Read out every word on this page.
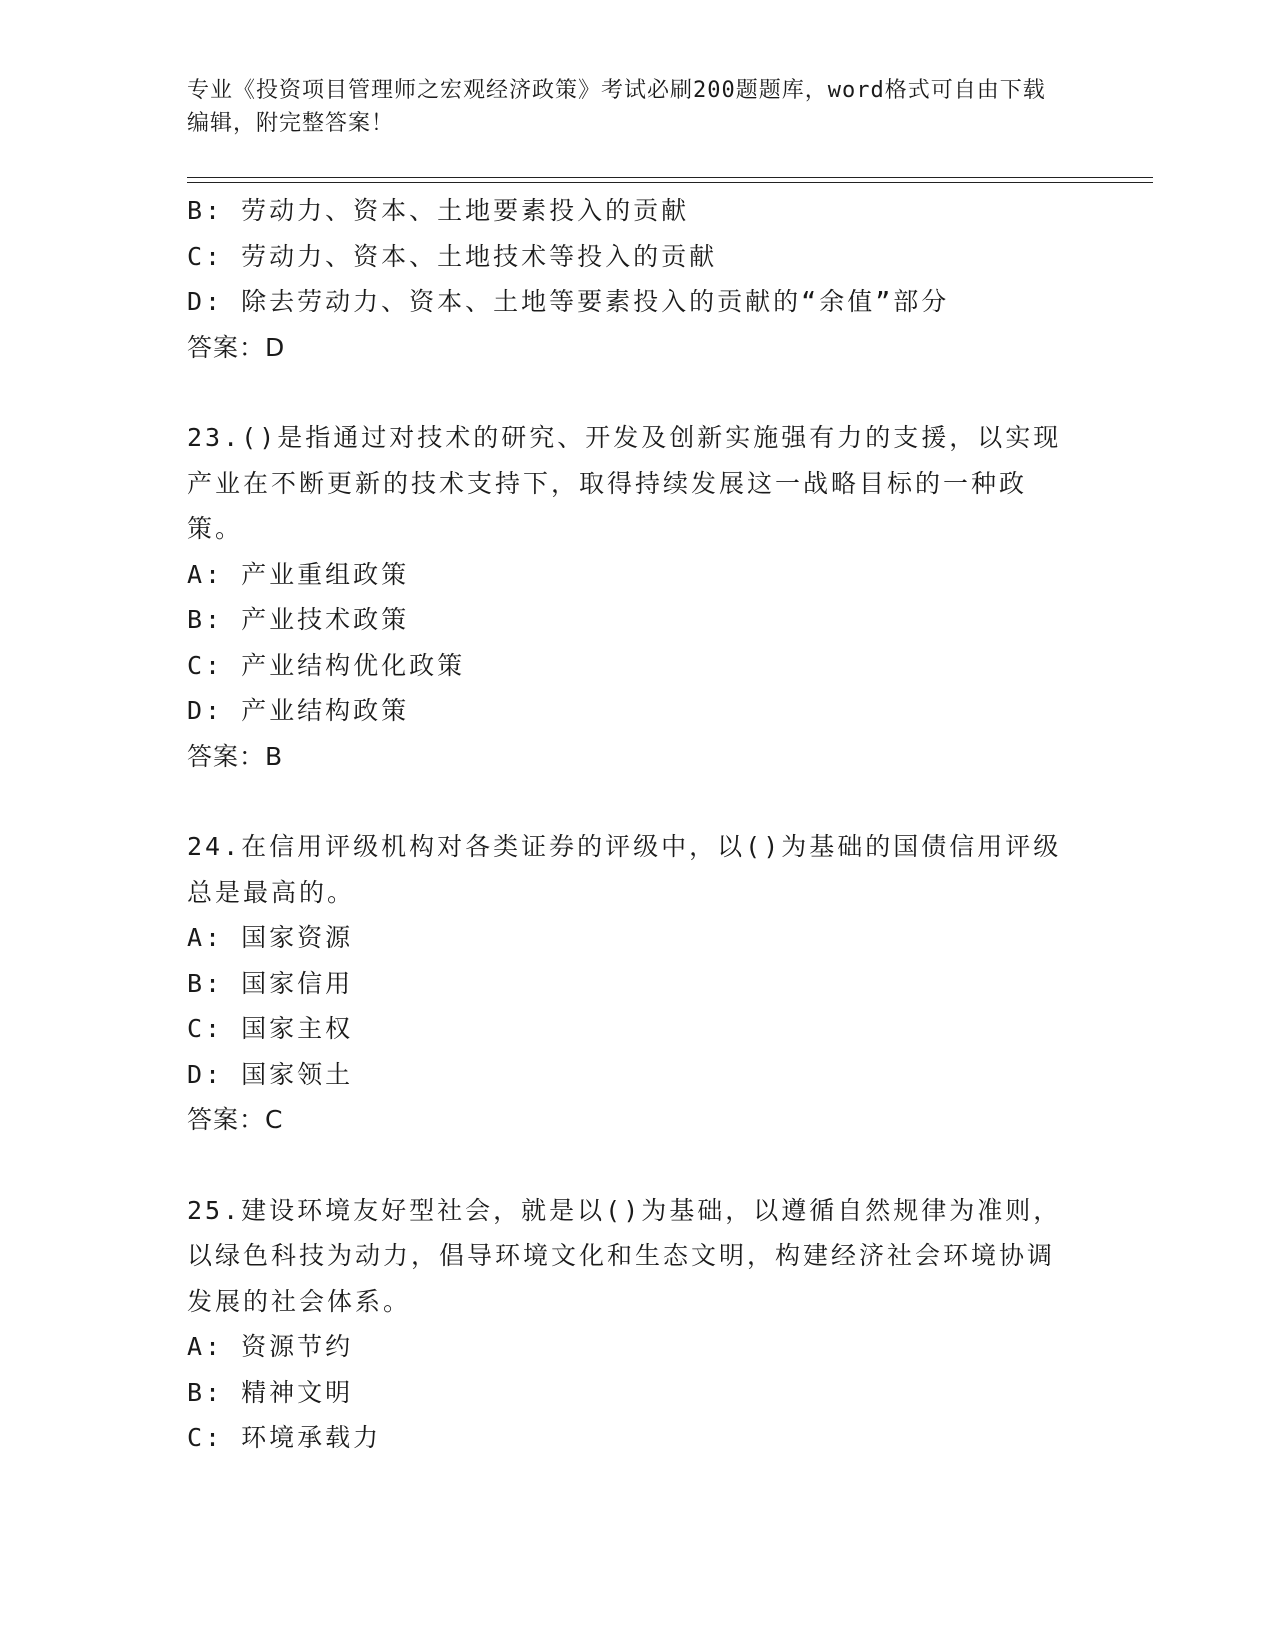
专业《投资项目管理师之宏观经济政策》考试必刷200题题库，word格式可自由下载编辑，附完整答案！
B: 劳动力、资本、土地要素投入的贡献
C: 劳动力、资本、土地技术等投入的贡献
D: 除去劳动力、资本、土地等要素投入的贡献的“余值”部分
答案：D
23.()是指通过对技术的研究、开发及创新实施强有力的支援，以实现产业在不断更新的技术支持下，取得持续发展这一战略目标的一种政策。
A: 产业重组政策
B: 产业技术政策
C: 产业结构优化政策
D: 产业结构政策
答案：B
24.在信用评级机构对各类证券的评级中，以()为基础的国债信用评级总是最高的。
A: 国家资源
B: 国家信用
C: 国家主权
D: 国家领土
答案：C
25.建设环境友好型社会，就是以()为基础，以遵循自然规律为准则，以绿色科技为动力，倡导环境文化和生态文明，构建经济社会环境协调发展的社会体系。
A: 资源节约
B: 精神文明
C: 环境承载力
